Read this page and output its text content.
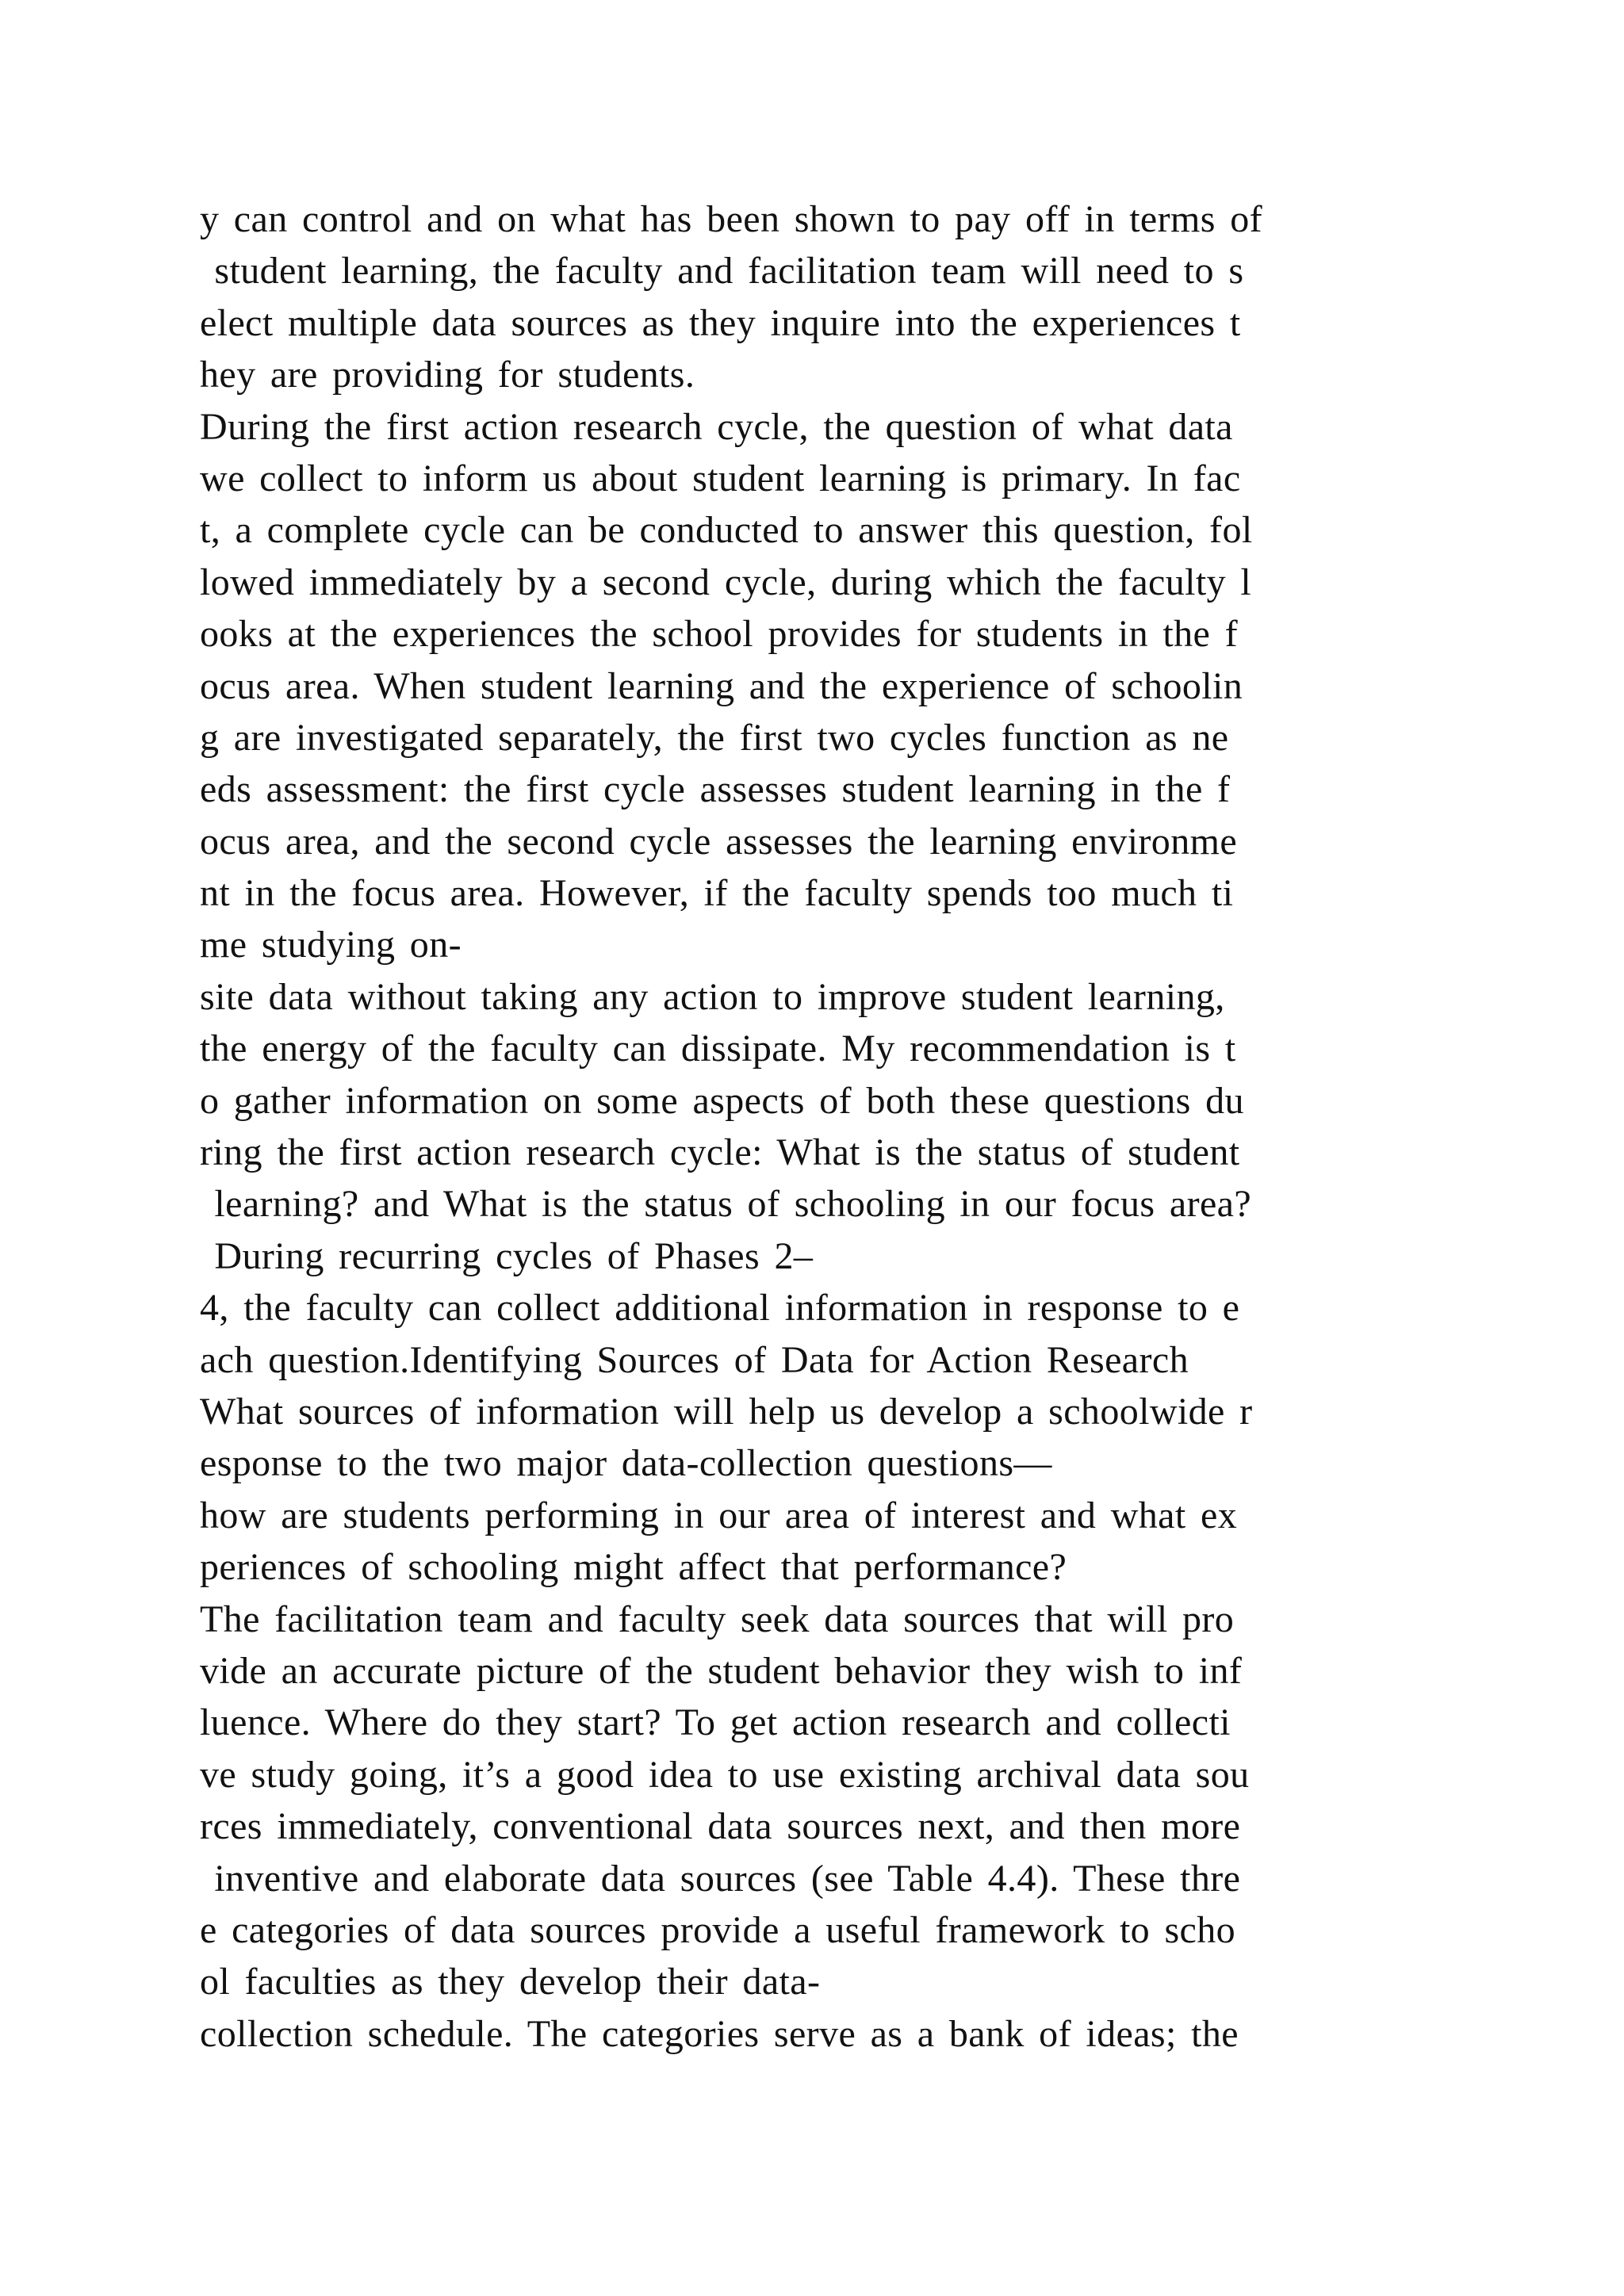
y can control and on what has been shown to pay off in terms of
student learning, the faculty and facilitation team will need to s
elect multiple data sources as they inquire into the experiences t
hey are providing for students.
During the first action research cycle, the question of what data
we collect to inform us about student learning is primary. In fac
t, a complete cycle can be conducted to answer this question, fol
lowed immediately by a second cycle, during which the faculty l
ooks at the experiences the school provides for students in the f
ocus area. When student learning and the experience of schoolin
g are investigated separately, the first two cycles function as ne
eds assessment: the first cycle assesses student learning in the f
ocus area, and the second cycle assesses the learning environme
nt in the focus area. However, if the faculty spends too much ti
me studying on-
site data without taking any action to improve student learning,
the energy of the faculty can dissipate. My recommendation is t
o gather information on some aspects of both these questions du
ring the first action research cycle: What is the status of student
learning? and What is the status of schooling in our focus area?
During recurring cycles of Phases 2–
4, the faculty can collect additional information in response to e
ach question.Identifying Sources of Data for Action Research
What sources of information will help us develop a schoolwide r
esponse to the two major data-collection questions—
how are students performing in our area of interest and what ex
periences of schooling might affect that performance?
The facilitation team and faculty seek data sources that will pro
vide an accurate picture of the student behavior they wish to inf
luence. Where do they start? To get action research and collecti
ve study going, it’s a good idea to use existing archival data sou
rces immediately, conventional data sources next, and then more
inventive and elaborate data sources (see Table 4.4). These thre
e categories of data sources provide a useful framework to scho
ol faculties as they develop their data-
collection schedule. The categories serve as a bank of ideas; the
